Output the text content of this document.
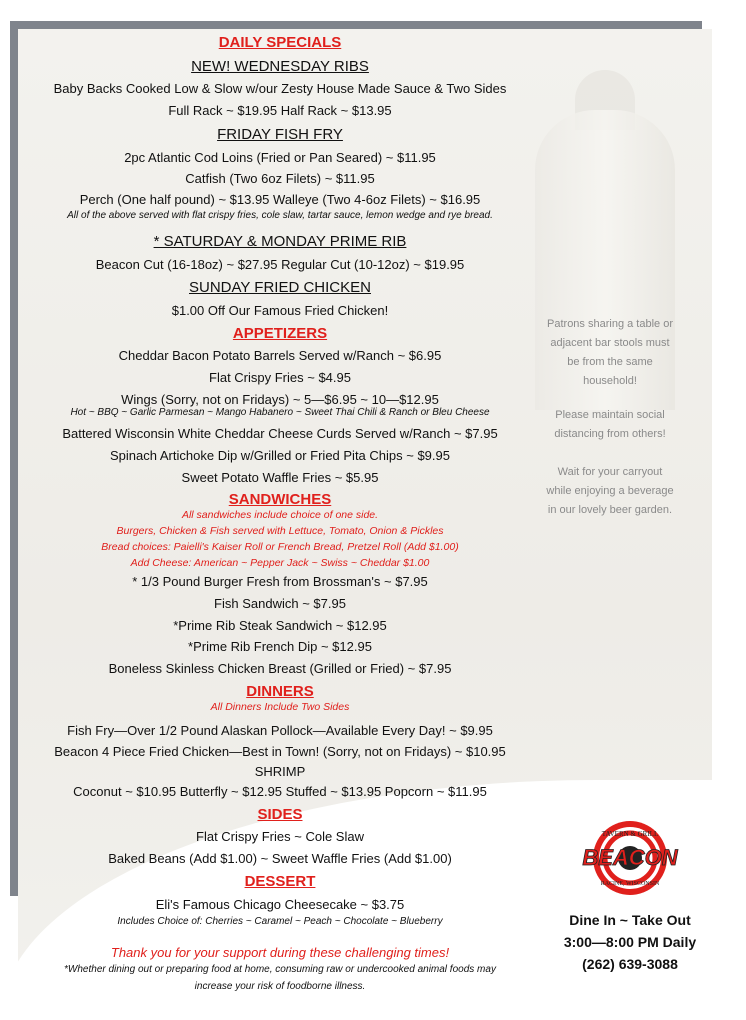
DAILY SPECIALS
NEW! WEDNESDAY RIBS
Baby Backs Cooked Low & Slow w/our Zesty House Made Sauce & Two Sides
Full Rack ~ $19.95 Half Rack ~ $13.95
FRIDAY FISH FRY
2pc Atlantic Cod Loins (Fried or Pan Seared) ~ $11.95
Catfish (Two 6oz Filets) ~ $11.95
Perch (One half pound) ~ $13.95 Walleye (Two 4-6oz Filets) ~ $16.95
All of the above served with flat crispy fries, cole slaw, tartar sauce, lemon wedge and rye bread.
* SATURDAY & MONDAY PRIME RIB
Beacon Cut (16-18oz) ~ $27.95 Regular Cut (10-12oz) ~ $19.95
SUNDAY FRIED CHICKEN
$1.00 Off Our Famous Fried Chicken!
APPETIZERS
Cheddar Bacon Potato Barrels Served w/Ranch ~ $6.95
Flat Crispy Fries ~ $4.95
Wings (Sorry, not on Fridays) ~ 5—$6.95 ~ 10—$12.95
Hot ~ BBQ ~ Garlic Parmesan ~ Mango Habanero ~ Sweet Thai Chili & Ranch or Bleu Cheese
Battered Wisconsin White Cheddar Cheese Curds Served w/Ranch ~ $7.95
Spinach Artichoke Dip w/Grilled or Fried Pita Chips ~ $9.95
Sweet Potato Waffle Fries ~ $5.95
SANDWICHES
All sandwiches include choice of one side.
Burgers, Chicken & Fish served with Lettuce, Tomato, Onion & Pickles
Bread choices: Paielli's Kaiser Roll or French Bread, Pretzel Roll (Add $1.00)
Add Cheese: American ~ Pepper Jack ~ Swiss ~ Cheddar $1.00
* 1/3 Pound Burger Fresh from Brossman's ~ $7.95
Fish Sandwich ~ $7.95
*Prime Rib Steak Sandwich ~ $12.95
*Prime Rib French Dip ~ $12.95
Boneless Skinless Chicken Breast (Grilled or Fried) ~ $7.95
DINNERS
All Dinners Include Two Sides
Fish Fry—Over 1/2 Pound Alaskan Pollock—Available Every Day! ~ $9.95
Beacon 4 Piece Fried Chicken—Best in Town! (Sorry, not on Fridays) ~ $10.95
SHRIMP
Coconut ~ $10.95 Butterfly ~ $12.95 Stuffed ~ $13.95 Popcorn ~ $11.95
SIDES
Flat Crispy Fries ~ Cole Slaw
Baked Beans (Add $1.00) ~ Sweet Waffle Fries (Add $1.00)
DESSERT
Eli's Famous Chicago Cheesecake ~ $3.75
Includes Choice of: Cherries ~ Caramel ~ Peach ~ Chocolate ~ Blueberry
Thank you for your support during these challenging times!
*Whether dining out or preparing food at home, consuming raw or undercooked animal foods may
increase your risk of foodborne illness.
Patrons sharing a table or adjacent bar stools must be from the same household!
Please maintain social distancing from others!
Wait for your carryout while enjoying a beverage in our lovely beer garden.
TAVERN & GRILL
BEACON
RACINE, WISCONSIN
Dine In ~ Take Out
3:00—8:00 PM Daily
(262) 639-3088
